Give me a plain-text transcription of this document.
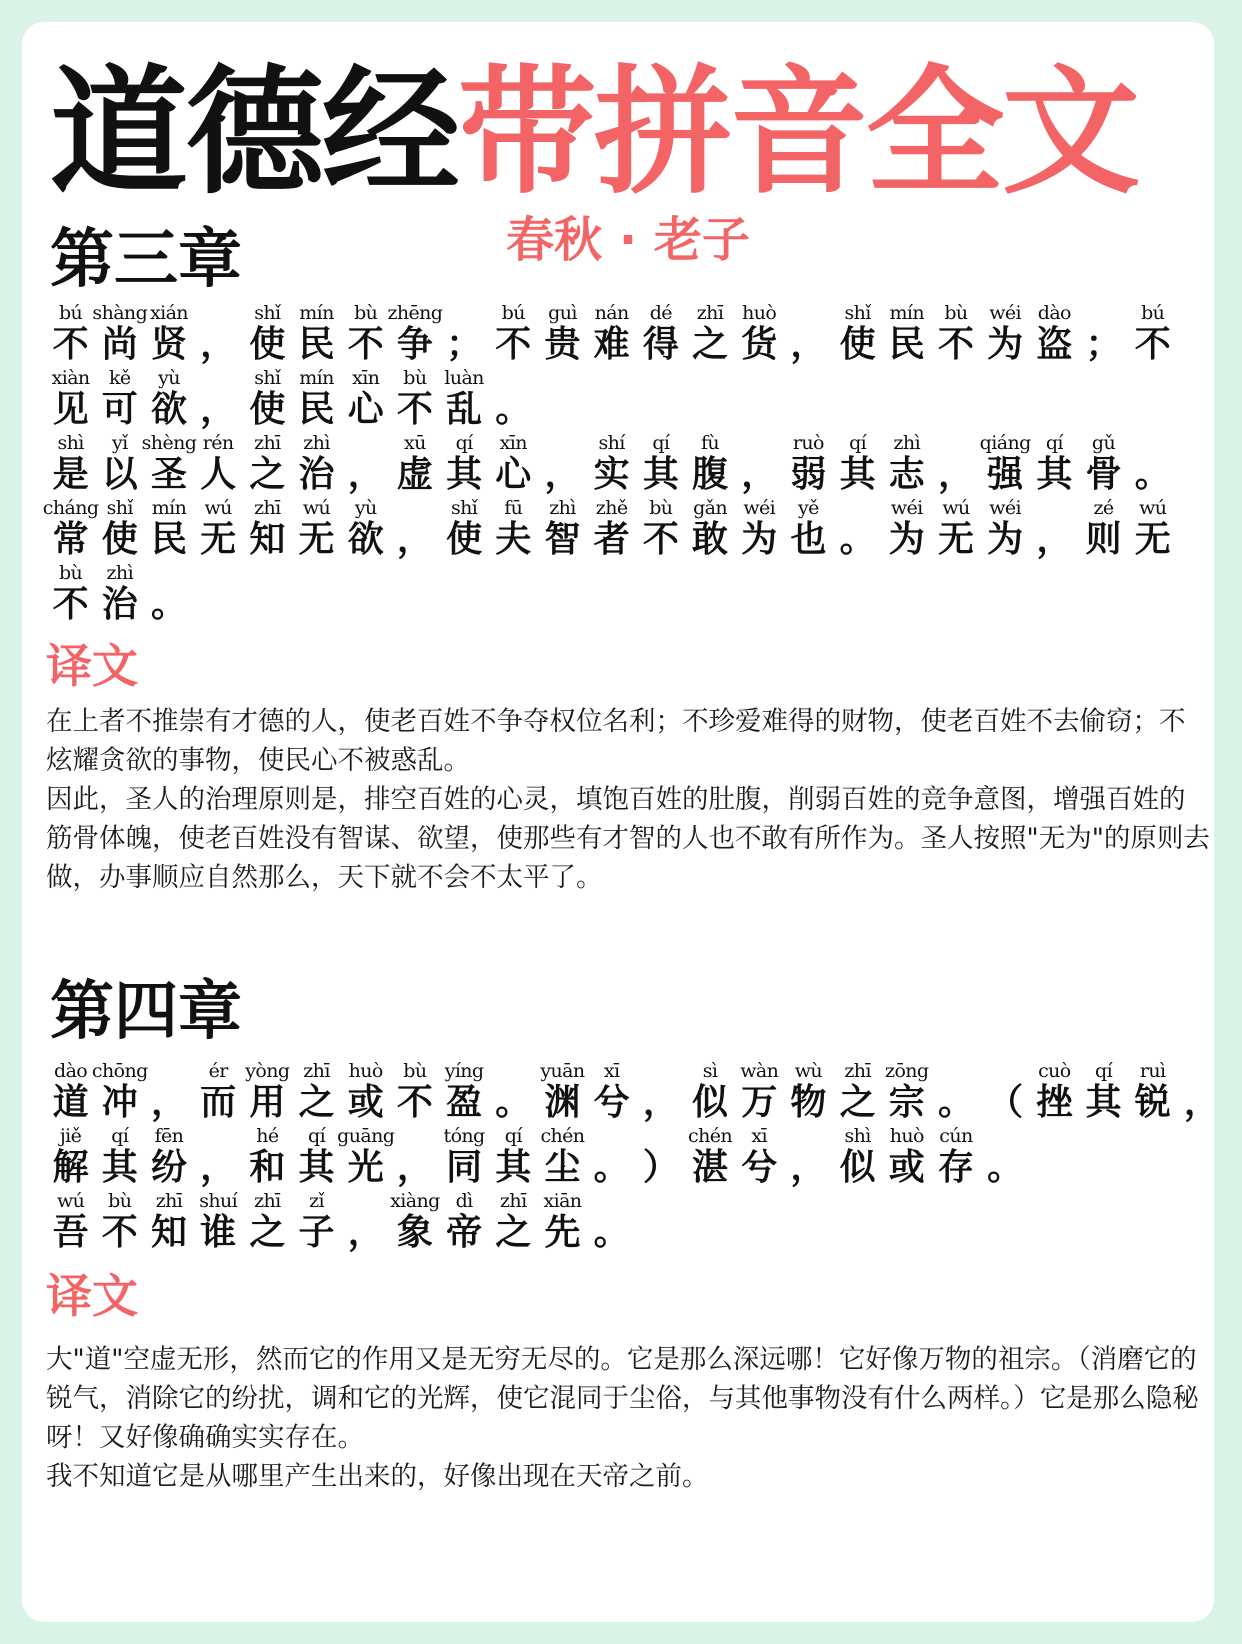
道德经带拼音全文
春秋 · 老子
第三章
bú
不
shàng
尚
xián
贤 ，
shǐ
使
mín
民
bù
不
zhēng
争 ；
bú
不
guì
贵
nán
难
dé
得
zhī
之
huò
货 ，
shǐ
使
mín
民
bù
不
wéi
为
dào
盗 ；
bú
不
xiàn
见
kě
可
yù
欲 ，
shǐ
使
mín
民
xīn
心
bù
不
luàn
乱 。
shì
是
yǐ
以
shèng
圣
rén
人
zhī
之
zhì
治 ，
xū
虚
qí
其
xīn
心 ，
shí
实
qí
其
fù
腹 ，
ruò
弱
qí
其
zhì
志 ，
qiáng
强
qí
其
gǔ
骨 。
cháng
常
shǐ
使
mín
民
wú
无
zhī
知
wú
无
yù
欲 ，
shǐ
使
fū
夫
zhì
智
zhě
者
bù
不
gǎn
敢
wéi
为
yě
也 。
wéi
为
wú
无
wéi
为 ，
zé
则
wú
无
bù
不
zhì
治 。
译文

在上者不推崇有才德的人，使老百姓不争夺权位名利；不珍爱难得的财物，使老百姓不去偷窃；不炫耀贪欲的事物，使民心不被惑乱。

因此，圣人的治理原则是，排空百姓的心灵，填饱百姓的肚腹，削弱百姓的竞争意图，增强百姓的筋骨体魄，使老百姓没有智谋、欲望，使那些有才智的人也不敢有所作为。圣人按照"无为"的原则去做，办事顺应自然那么，天下就不会不太平了。

第四章
dào
道
chōng
冲 ，
ér
而
yòng
用
zhī
之
huò
或
bù
不
yíng
盈 。
yuān
渊
xī
兮 ，
sì
似
wàn
万
wù
物
zhī
之
zōng
宗 。 （
cuò
挫
qí
其
ruì
锐 ，
jiě
解
qí
其
fēn
纷 ，
hé
和
qí
其
guāng
光 ，
tóng
同
qí
其
chén
尘 。 ）
chén
湛
xī
兮 ，
shì
似
huò
或
cún
存 。
wú
吾
bù
不
zhī
知
shuí
谁
zhī
之
zǐ
子 ，
xiàng
象
dì
帝
zhī
之
xiān
先 。
译文

大"道"空虚无形，然而它的作用又是无穷无尽的。它是那么深远哪！它好像万物的祖宗。（消磨它的锐气，消除它的纷扰，调和它的光辉，使它混同于尘俗，与其他事物没有什么两样。）它是那么隐秘呀！又好像确确实实存在。

我不知道它是从哪里产生出来的，好像出现在天帝之前。
